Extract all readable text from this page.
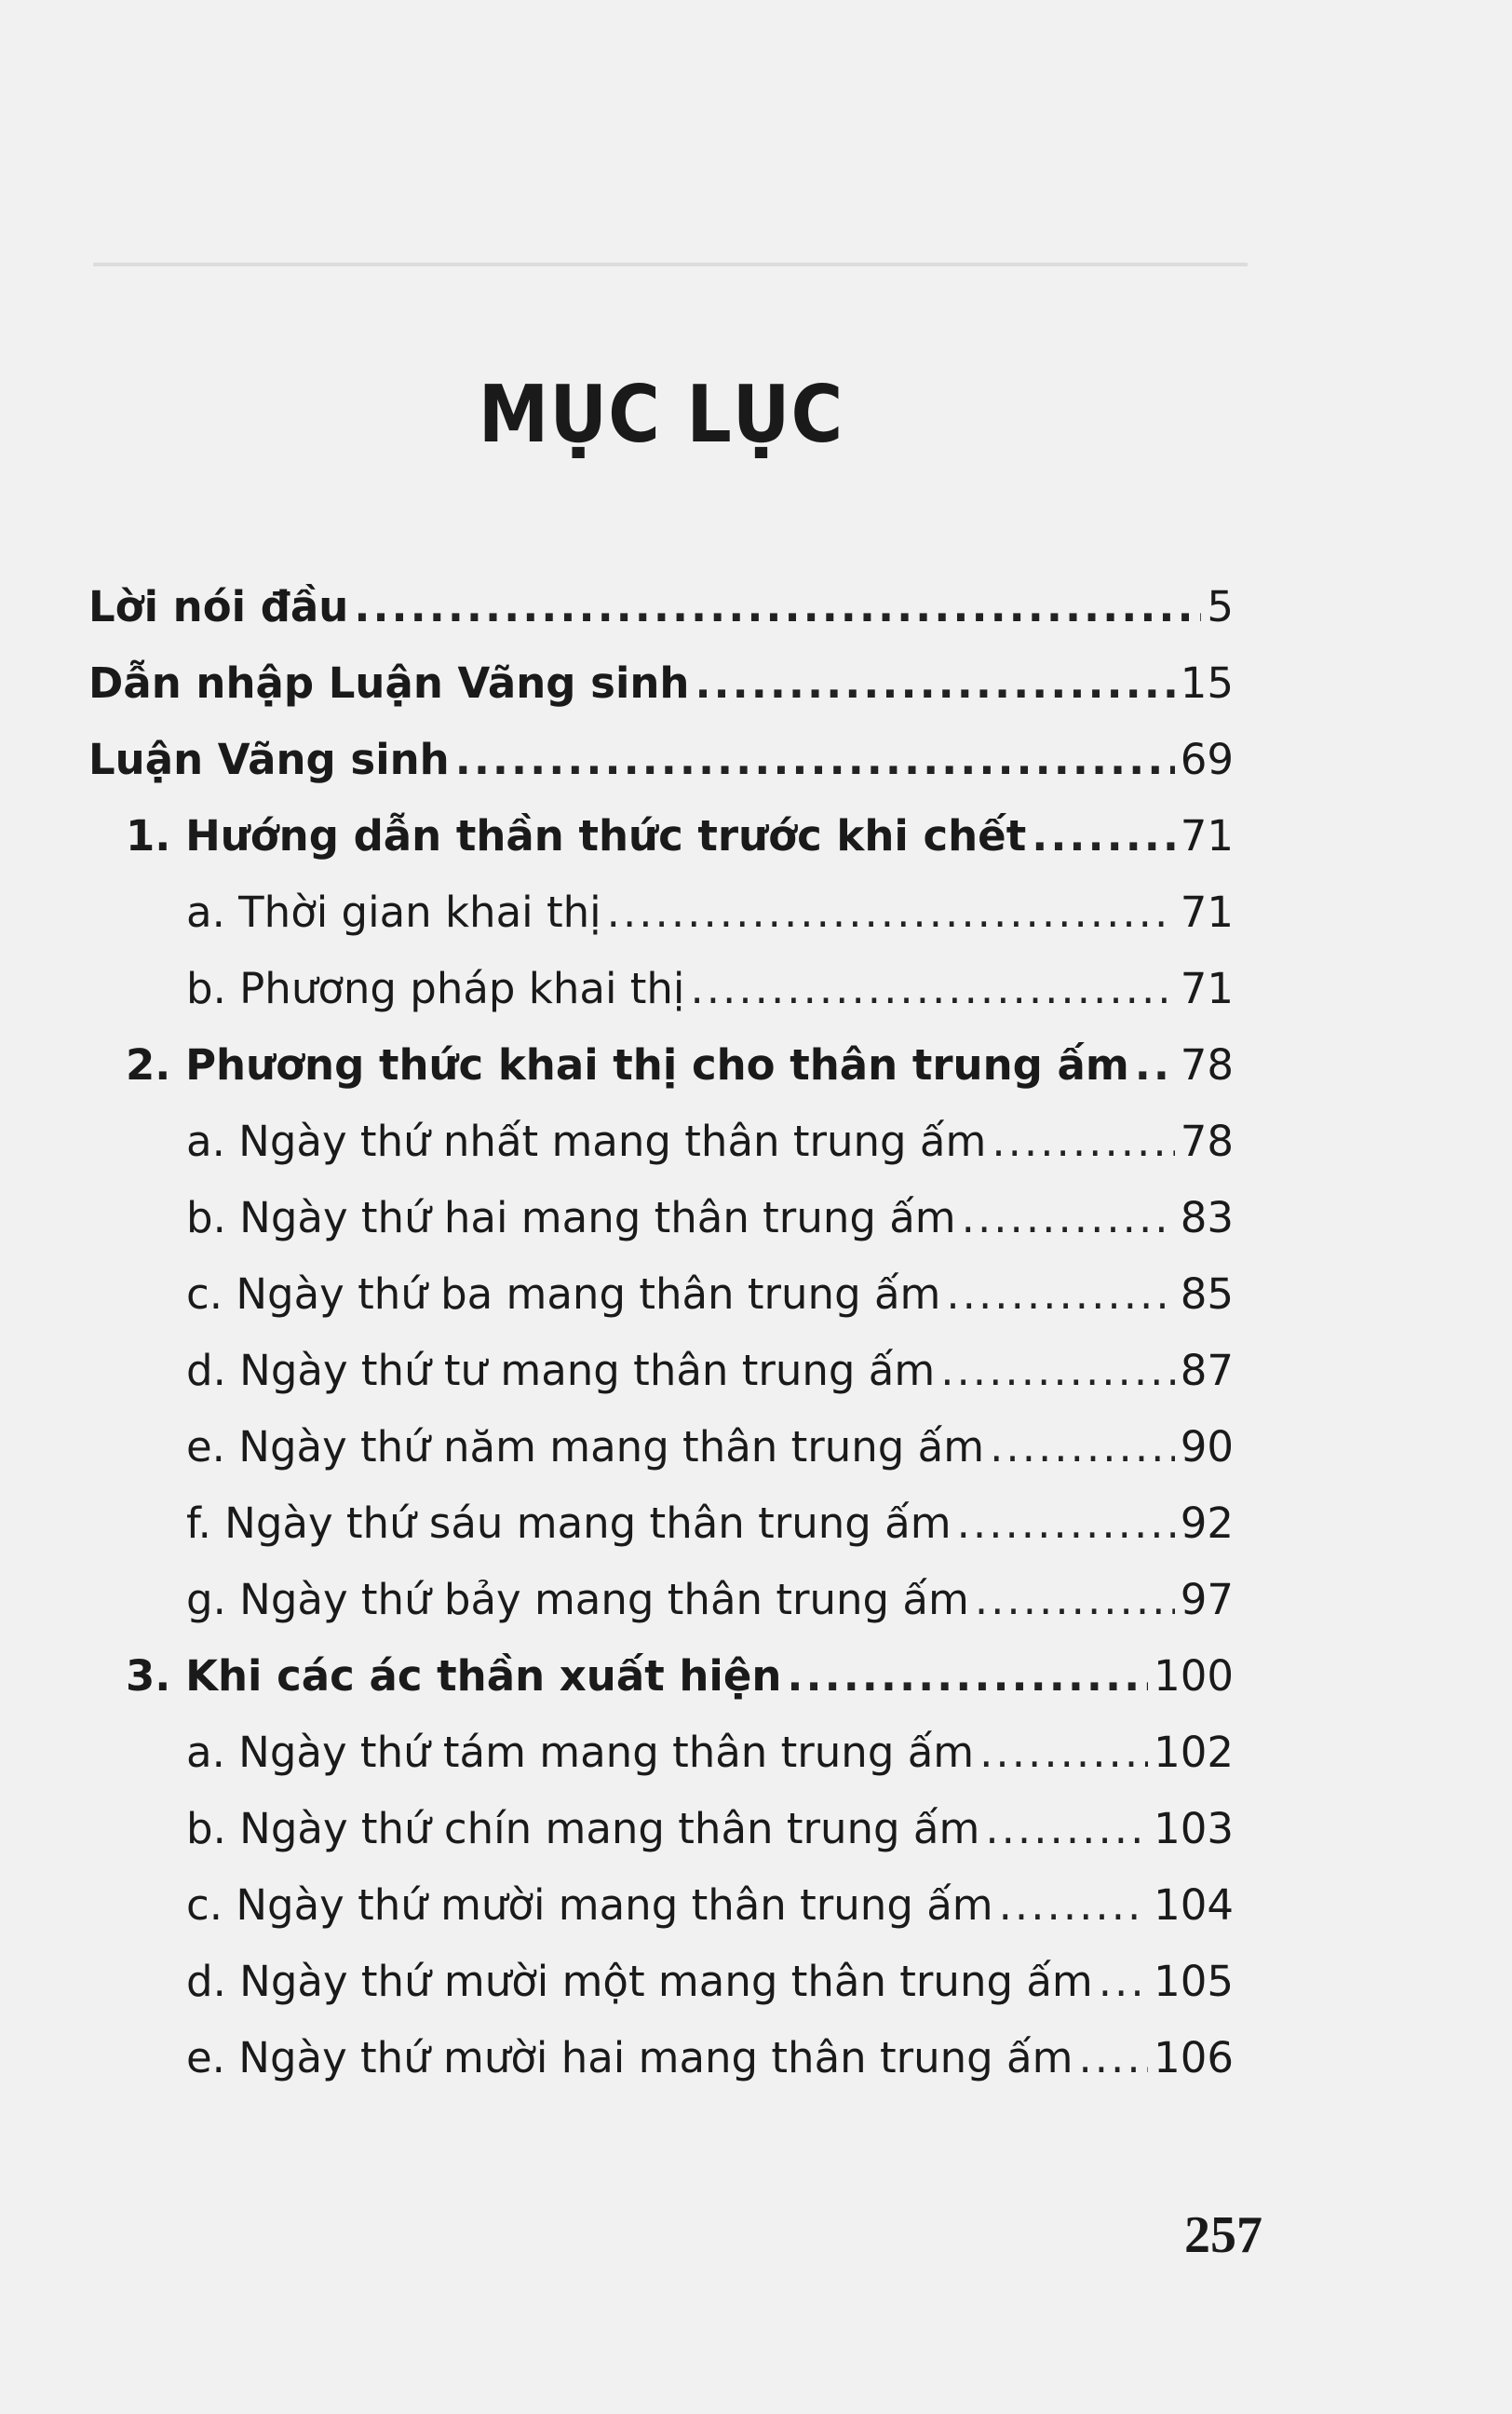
MỤC LỤC
Lời nói đầu .....	5
Dẫn nhập Luận Vãng sinh .....	15
Luận Vãng sinh .....	69
1. Hướng dẫn thần thức trước khi chết .....	71
a. Thời gian khai thị .....	71
b. Phương pháp khai thị .....	71
2. Phương thức khai thị cho thân trung ấm ..... 78
a. Ngày thứ nhất mang thân trung ấm .....	78
b. Ngày thứ hai mang thân trung ấm .....	83
c. Ngày thứ ba mang thân trung ấm .....	85
d. Ngày thứ tư mang thân trung ấm .....	87
e. Ngày thứ năm mang thân trung ấm .....	90
f. Ngày thứ sáu mang thân trung ấm .....	92
g. Ngày thứ bảy mang thân trung ấm .....	97
3. Khi các ác thần xuất hiện .....	100
a. Ngày thứ tám mang thân trung ấm .....	102
b. Ngày thứ chín mang thân trung ấm .....	103
c. Ngày thứ mười mang thân trung ấm .....	104
d. Ngày thứ mười một mang thân trung ấm ..... 105
e. Ngày thứ mười hai mang thân trung ấm ..... 106
257
